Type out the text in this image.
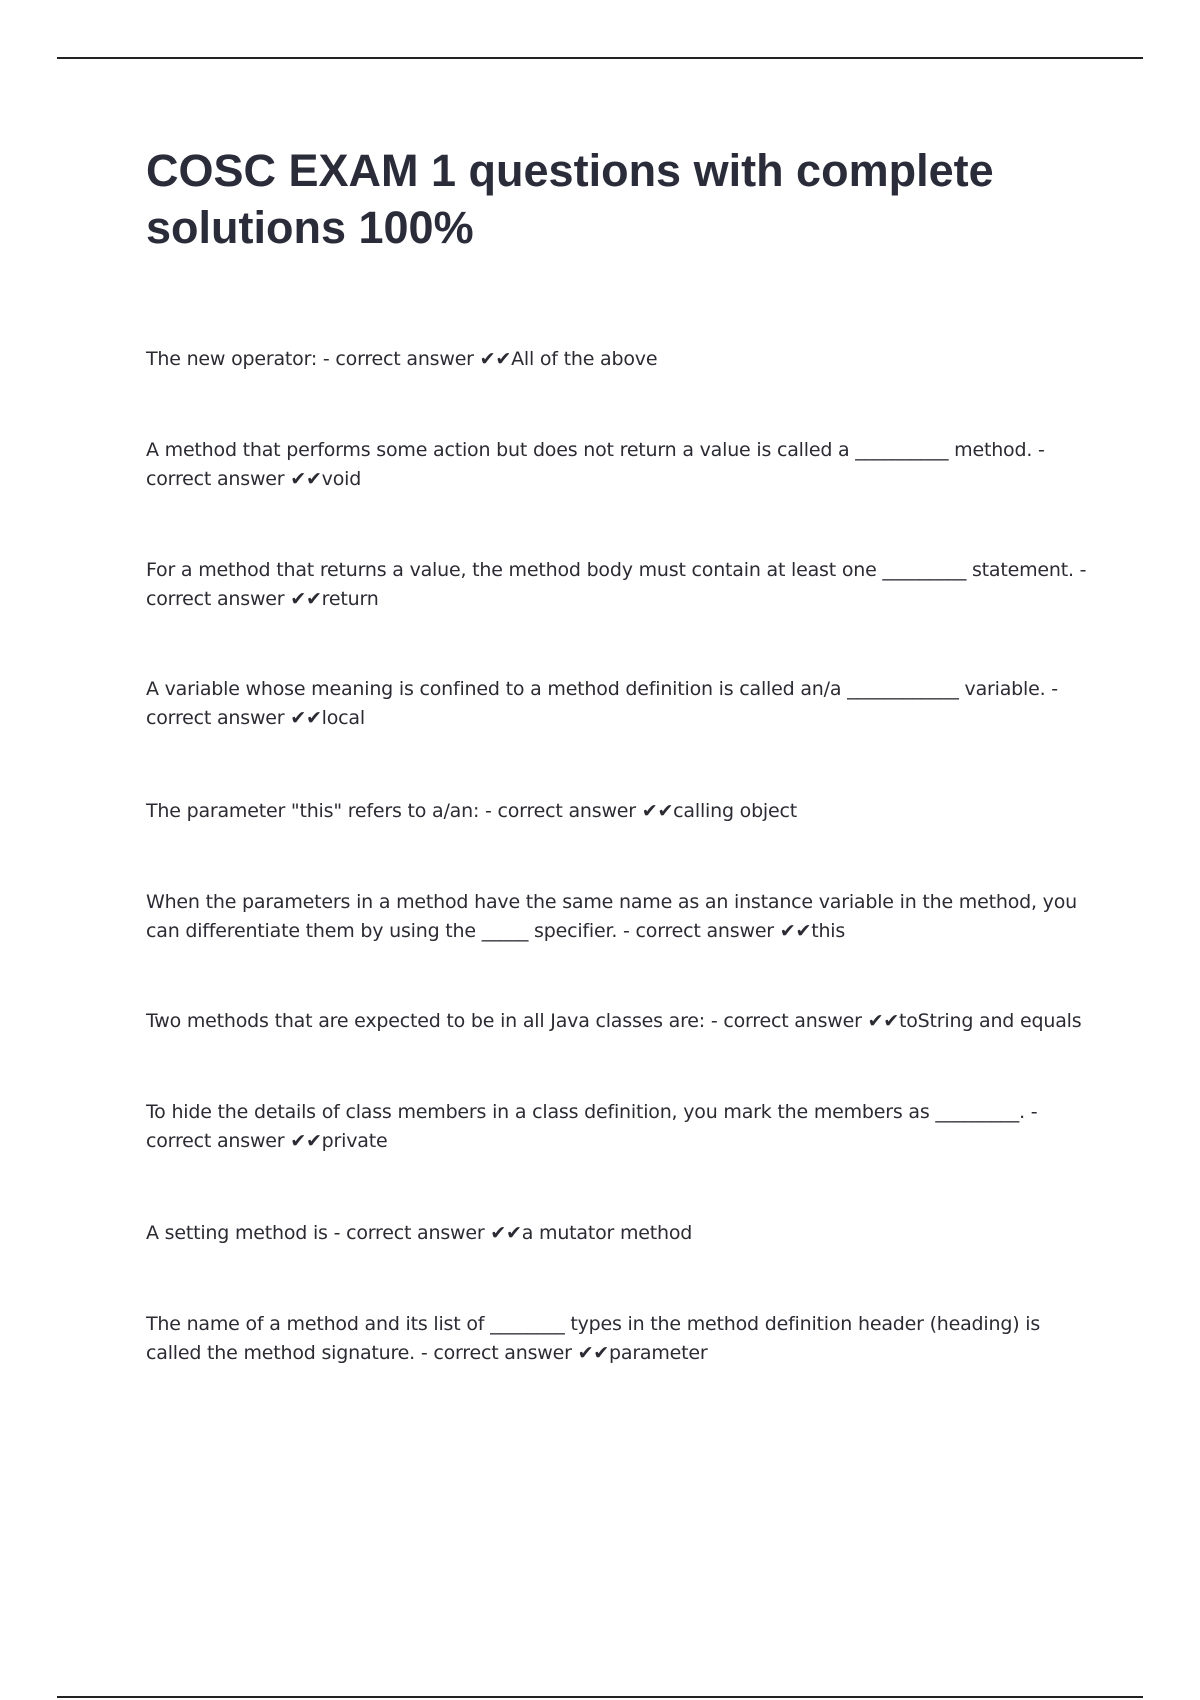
COSC EXAM 1 questions with complete solutions 100%

The new operator: - correct answer ✔✔All of the above

A method that performs some action but does not return a value is called a __________ method. - correct answer ✔✔void

For a method that returns a value, the method body must contain at least one _________ statement. - correct answer ✔✔return

A variable whose meaning is confined to a method definition is called an/a ____________ variable. - correct answer ✔✔local

The parameter "this" refers to a/an: - correct answer ✔✔calling object

When the parameters in a method have the same name as an instance variable in the method, you can differentiate them by using the _____ specifier. - correct answer ✔✔this

Two methods that are expected to be in all Java classes are: - correct answer ✔✔toString and equals

To hide the details of class members in a class definition, you mark the members as _________. - correct answer ✔✔private

A setting method is - correct answer ✔✔a mutator method

The name of a method and its list of ________ types in the method definition header (heading) is called the method signature. - correct answer ✔✔parameter
